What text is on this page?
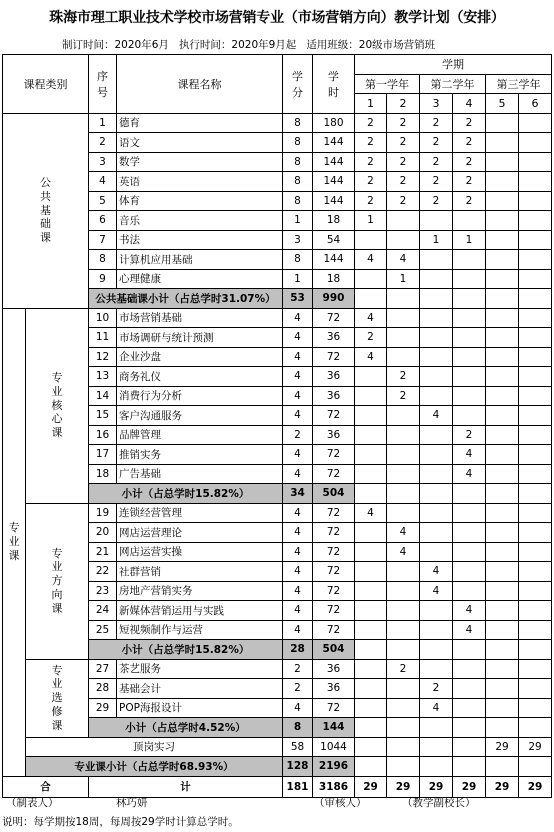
珠海市理工职业技术学校市场营销专业（市场营销方向）教学计划（安排）
制订时间：2020年6月 执行时间：2020年9月起 适用班级：20级市场营销班
课程类别		序号	课程名称	学分	学时	学期					
						第一学年		第二学年		第三学年	
						1	2	3	4	5	6
公共基础课		1	德育	8	180	2	2	2	2		
		2	语文	8	144	2	2	2	2		
		3	数学	8	144	2	2	2	2		
		4	英语	8	144	2	2	2	2		
		5	体育	8	144	2	2	2	2		
		6	音乐	1	18	1					
		7	书法	3	54			1	1		
		8	计算机应用基础	8	144	4	4				
		9	心理健康	1	18		1				
		公共基础课小计（占总学时31.07%）		53	990						
专业课	专业核心课	10	市场营销基础	4	72	4					
		11	市场调研与统计预测	4	36	2					
		12	企业沙盘	4	72	4					
		13	商务礼仪	4	36		2				
		14	消费行为分析	4	36		2				
		15	客户沟通服务	4	72			4			
		16	品牌管理	2	36				2		
		17	推销实务	4	72				4		
		18	广告基础	4	72				4		
		小计（占总学时15.82%）		34	504						
	专业方向课	19	连锁经营管理	4	72	4					
		20	网店运营理论	4	72		4				
		21	网店运营实操	4	72		4				
		22	社群营销	4	72			4			
		23	房地产营销实务	4	72			4			
		24	新媒体营销运用与实践	4	72				4		
		25	短视频制作与运营	4	72				4		
		小计（占总学时15.82%）		28	504						
	专业选修课	27	茶艺服务	2	36		2				
		28	基础会计	2	36			2			
		29	POP海报设计	4	72			4			
		小计（占总学时4.52%）		8	144						
	顶岗实习			58	1044					29	29
	专业课小计（占总学时68.93%）			128	2196						
合		计		181	3186	29	29	29	29	29	29
（制表人）	林巧妍	（审核人）	（教学副校长）
说明：每学期按18周，每周按29学时计算总学时。
